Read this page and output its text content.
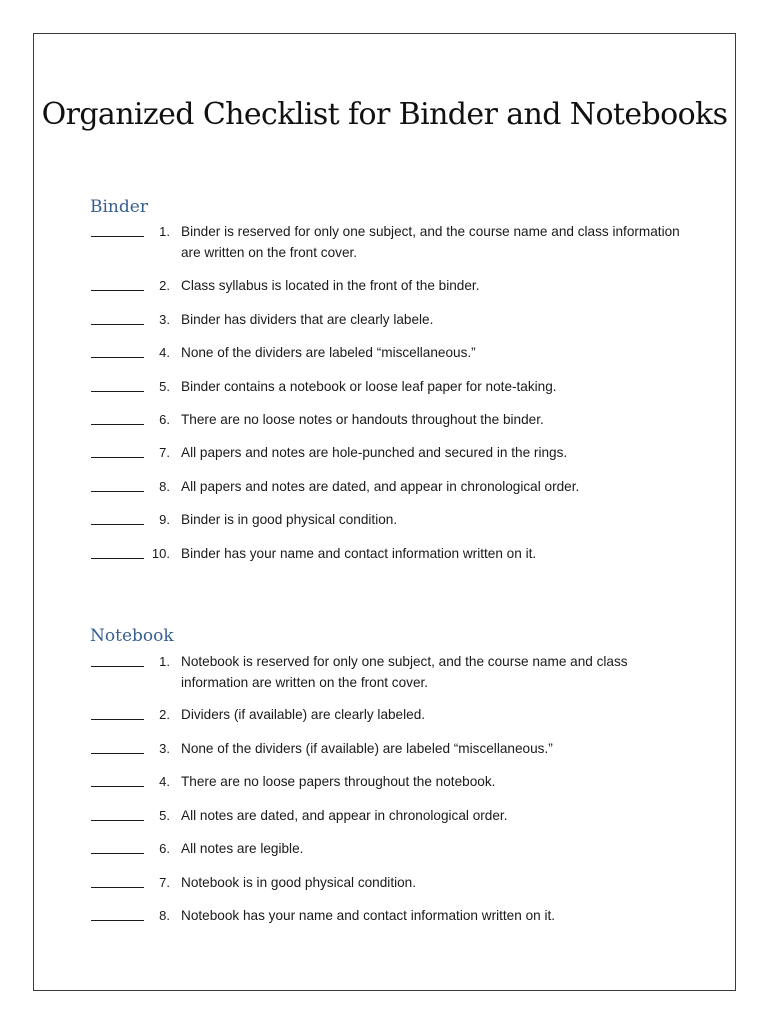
Organized Checklist for Binder and Notebooks
Binder
1. Binder is reserved for only one subject, and the course name and class information are written on the front cover.
2. Class syllabus is located in the front of the binder.
3. Binder has dividers that are clearly labele.
4. None of the dividers are labeled “miscellaneous.”
5. Binder contains a notebook or loose leaf paper for note-taking.
6. There are no loose notes or handouts throughout the binder.
7. All papers and notes are hole-punched and secured in the rings.
8. All papers and notes are dated, and appear in chronological order.
9. Binder is in good physical condition.
10. Binder has your name and contact information written on it.
Notebook
1. Notebook is reserved for only one subject, and the course name and class information are written on the front cover.
2. Dividers (if available) are clearly labeled.
3. None of the dividers (if available) are labeled “miscellaneous.”
4. There are no loose papers throughout the notebook.
5. All notes are dated, and appear in chronological order.
6. All notes are legible.
7. Notebook is in good physical condition.
8. Notebook has your name and contact information written on it.
